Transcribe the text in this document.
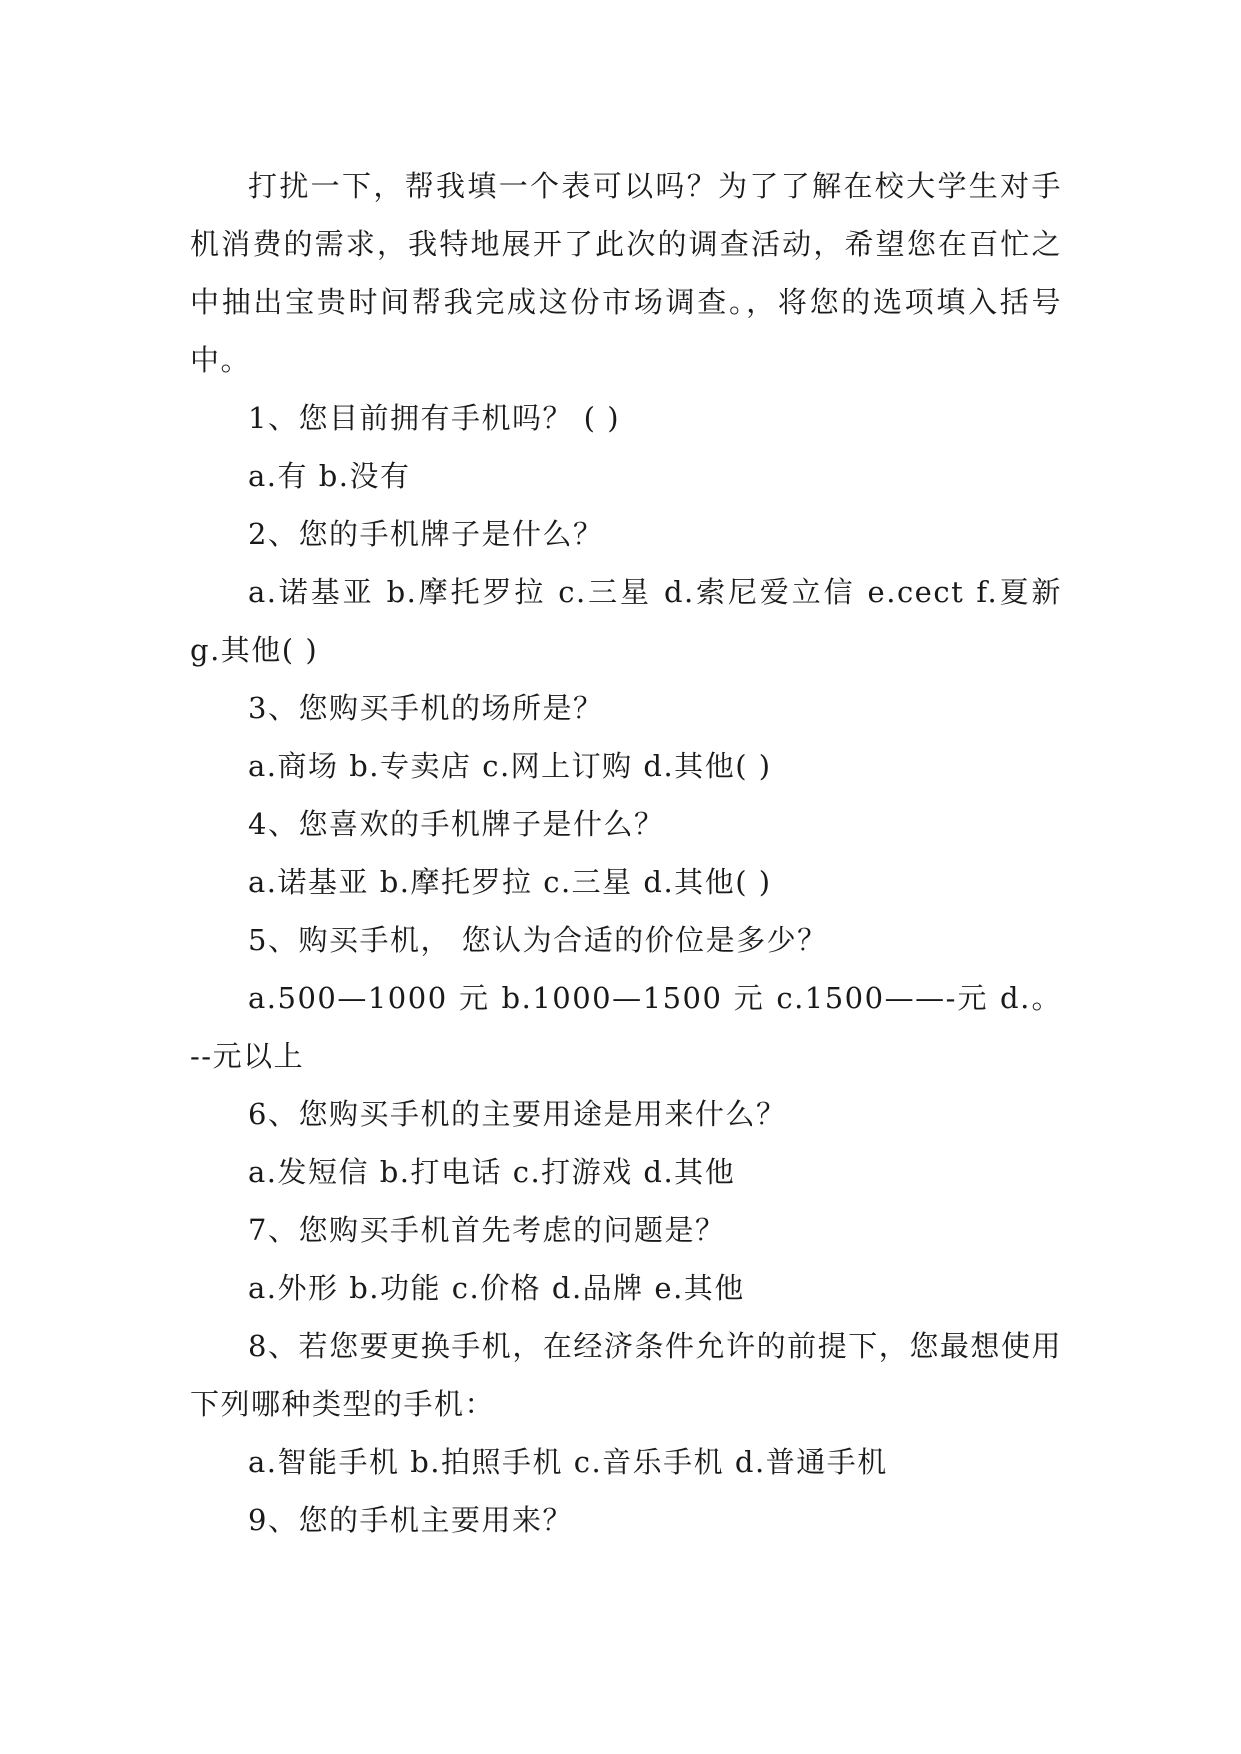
打扰一下，帮我填一个表可以吗？为了了解在校大学生对手机消费的需求，我特地展开了此次的调查活动，希望您在百忙之中抽出宝贵时间帮我完成这份市场调查。，将您的选项填入括号中。

1、您目前拥有手机吗？ ( )

a.有 b.没有

2、您的手机牌子是什么？

a.诺基亚 b.摩托罗拉 c.三星 d.索尼爱立信 e.cect f.夏新 g.其他( )

3、您购买手机的场所是？

a.商场 b.专卖店 c.网上订购 d.其他( )

4、您喜欢的手机牌子是什么？

a.诺基亚 b.摩托罗拉 c.三星 d.其他( )

5、购买手机， 您认为合适的价位是多少？

a.500—1000 元 b.1000—1500 元 c.1500——-元 d.。--元以上

6、您购买手机的主要用途是用来什么？

a.发短信 b.打电话 c.打游戏 d.其他

7、您购买手机首先考虑的问题是？

a.外形 b.功能 c.价格 d.品牌 e.其他

8、若您要更换手机，在经济条件允许的前提下，您最想使用下列哪种类型的手机：

a.智能手机 b.拍照手机 c.音乐手机 d.普通手机

9、您的手机主要用来？
